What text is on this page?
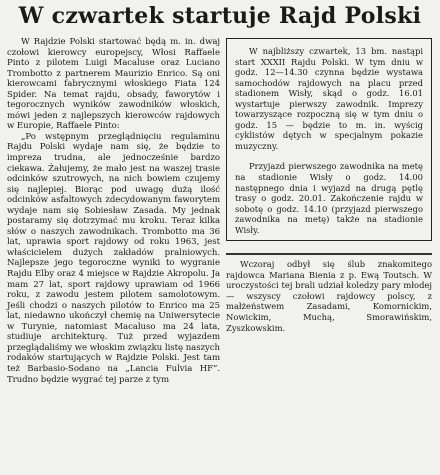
W czwartek startuje Rajd Polski

W Rajdzie Polski startować będą m. in. dwaj czołowi kierowcy europejscy, Włosi Raffaele Pinto z pilotem Luigi Macaluse oraz Luciano Trombotto z partnerem Maurizio Enrico. Są oni kierowcami fabrycznymi włoskiego Fiata 124 Spider. Na temat rajdu, obsady, faworytów i tegorocznych wyników zawodników włoskich, mówi jeden z najlepszych kierowców rajdowych w Europie, Raffaele Pinto:

„Po wstępnym przeglądnięciu regulaminu Rajdu Polski wydaje nam się, że będzie to impreza trudna, ale jednocześnie bardzo ciekawa. Żałujemy, że mało jest na waszej trasie odcinków szutrowych, na nich bowiem czujemy się najlepiej. Biorąc pod uwagę dużą ilość odcinków asfaltowych zdecydowanym faworytem wydaje nam się Sobiesław Zasada. My jednak postaramy się dotrzymać mu kroku. Teraz kilka słów o naszych zawodnikach. Trombotto ma 36 lat, uprawia sport rajdowy od roku 1963, jest właścicielem dużych zakładów pralniowych. Najlepsze jego tegoroczne wyniki to wygranie Rajdu Elby oraz 4 miejsce w Rajdzie Akropolu. Ja mam 27 lat, sport rajdowy uprawiam od 1966 roku, z zawodu jestem pilotem samolotowym. Jeśli chodzi o naszych pilotów to Enrico ma 25 lat, niedawno ukończył chemię na Uniwersytecie w Turynie, natomiast Macaluso ma 24 lata, studiuje architekturę. Tuż przed wyjazdem przeglądaliśmy we włoskim związku listę naszych rodaków startujących w Rajdzie Polski. Jest tam też Barbasio-Sodano na „Lancia Fulvia HF”. Trudno będzie wygrać tej parze z tym

W najbliższy czwartek, 13 bm. nastąpi start XXXII Rajdu Polski. W tym dniu w godz. 12—14.30 czynna będzie wystawa samochodów rajdowych na placu przed stadionem Wisły, skąd o godz. 16.01 wystartuje pierwszy zawodnik. Imprezy towarzyszące rozpoczną się w tym dniu o godz. 15 — będzie to m. in. wyścig cyklistów dętych w specjalnym pokazie muzyczny.

Przyjazd pierwszego zawodnika na metę na stadionie Wisły o godz. 14.00 następnego dnia i wyjazd na drugą pętlę trasy o godz. 20.01. Zakończenie rajdu w sobotę o godz. 14.10 (przyjazd pierwszego zawodnika na metę) także na stadionie Wisły.

Wczoraj odbył się ślub znakomitego rajdowca Mariana Bienia z p. Ewą Toutsch. W uroczystości tej brali udział koledzy pary młodej — wszyscy czołowi rajdowcy polscy, z małżeństwem Zasadami, Komornickim, Nowickim, Muchą, Smorawińskim, Zyszkowskim.
